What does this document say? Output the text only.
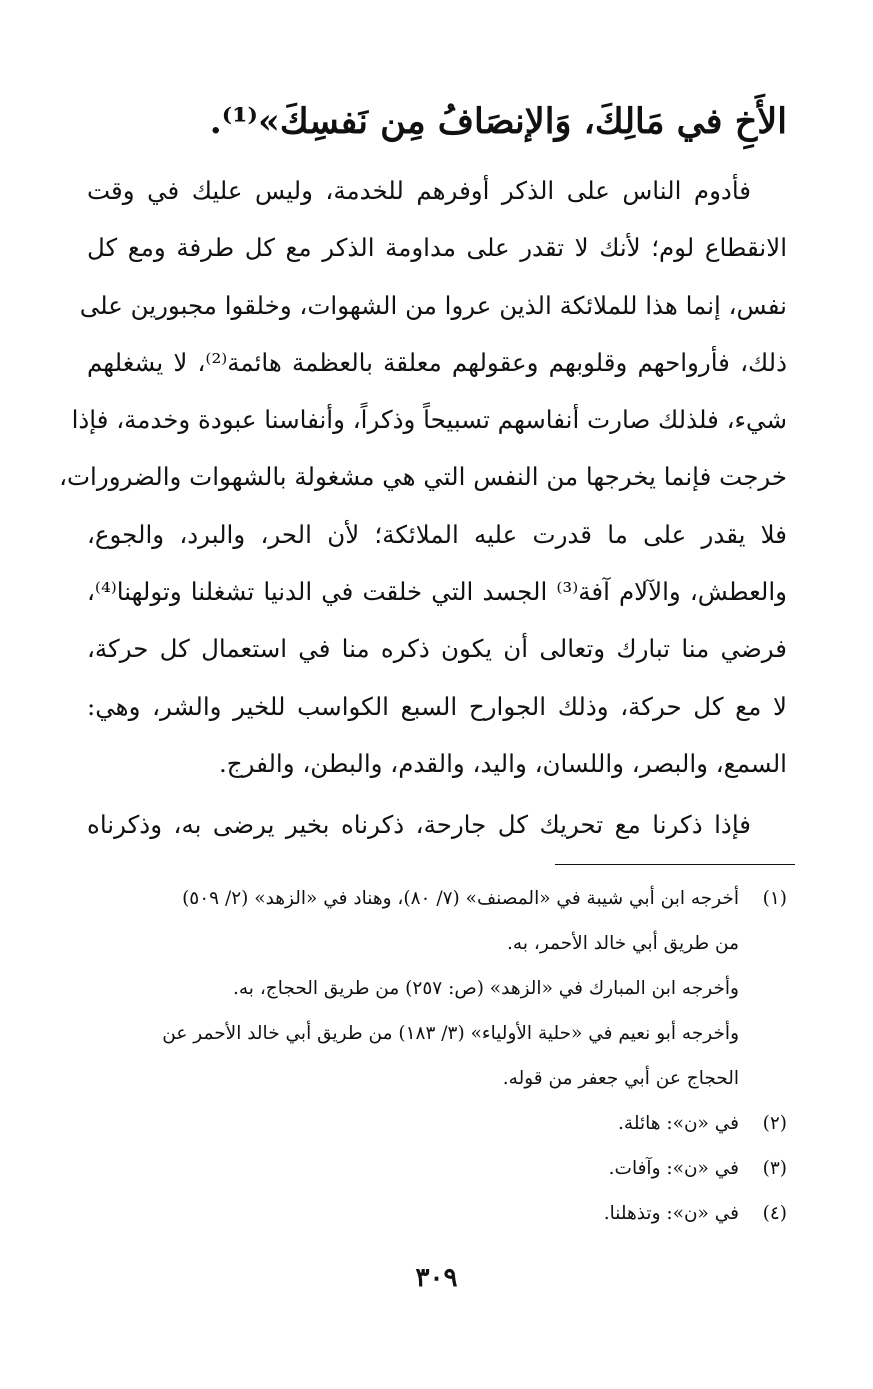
الأَخِ في مَالِكَ، وَالإنصَافُ مِن نَفسِكَ»⁽¹⁾.
فأدوم الناس على الذكر أوفرهم للخدمة، وليس عليك في وقت
الانقطاع لوم؛ لأنك لا تقدر على مداومة الذكر مع كل طرفة ومع كل
نفس، إنما هذا للملائكة الذين عروا من الشهوات، وخلقوا مجبورين على
ذلك، فأرواحهم وقلوبهم وعقولهم معلقة بالعظمة هائمة⁽²⁾، لا يشغلهم
شيء، فلذلك صارت أنفاسهم تسبيحاً وذكراً، وأنفاسنا عبودة وخدمة، فإذا
خرجت فإنما يخرجها من النفس التي هي مشغولة بالشهوات والضرورات،
فلا يقدر على ما قدرت عليه الملائكة؛ لأن الحر، والبرد، والجوع،
والعطش، والآلام آفة⁽³⁾ الجسد التي خلقت في الدنيا تشغلنا وتولهنا⁽⁴⁾،
فرضي منا تبارك وتعالى أن يكون ذكره منا في استعمال كل حركة،
لا مع كل حركة، وذلك الجوارح السبع الكواسب للخير والشر، وهي:
السمع، والبصر، واللسان، واليد، والقدم، والبطن، والفرج.
فإذا ذكرنا مع تحريك كل جارحة، ذكرناه بخير يرضى به، وذكرناه
(١)
أخرجه ابن أبي شيبة في «المصنف» (٧/ ٨٠)، وهناد في «الزهد» (٢/ ٥٠٩)
من طريق أبي خالد الأحمر، به.
وأخرجه ابن المبارك في «الزهد» (ص: ٢٥٧) من طريق الحجاج، به.
وأخرجه أبو نعيم في «حلية الأولياء» (٣/ ١٨٣) من طريق أبي خالد الأحمر عن
الحجاج عن أبي جعفر من قوله.
(٢)
في «ن»: هائلة.
(٣)
في «ن»: وآفات.
(٤)
في «ن»: وتذهلنا.
٣٠٩
